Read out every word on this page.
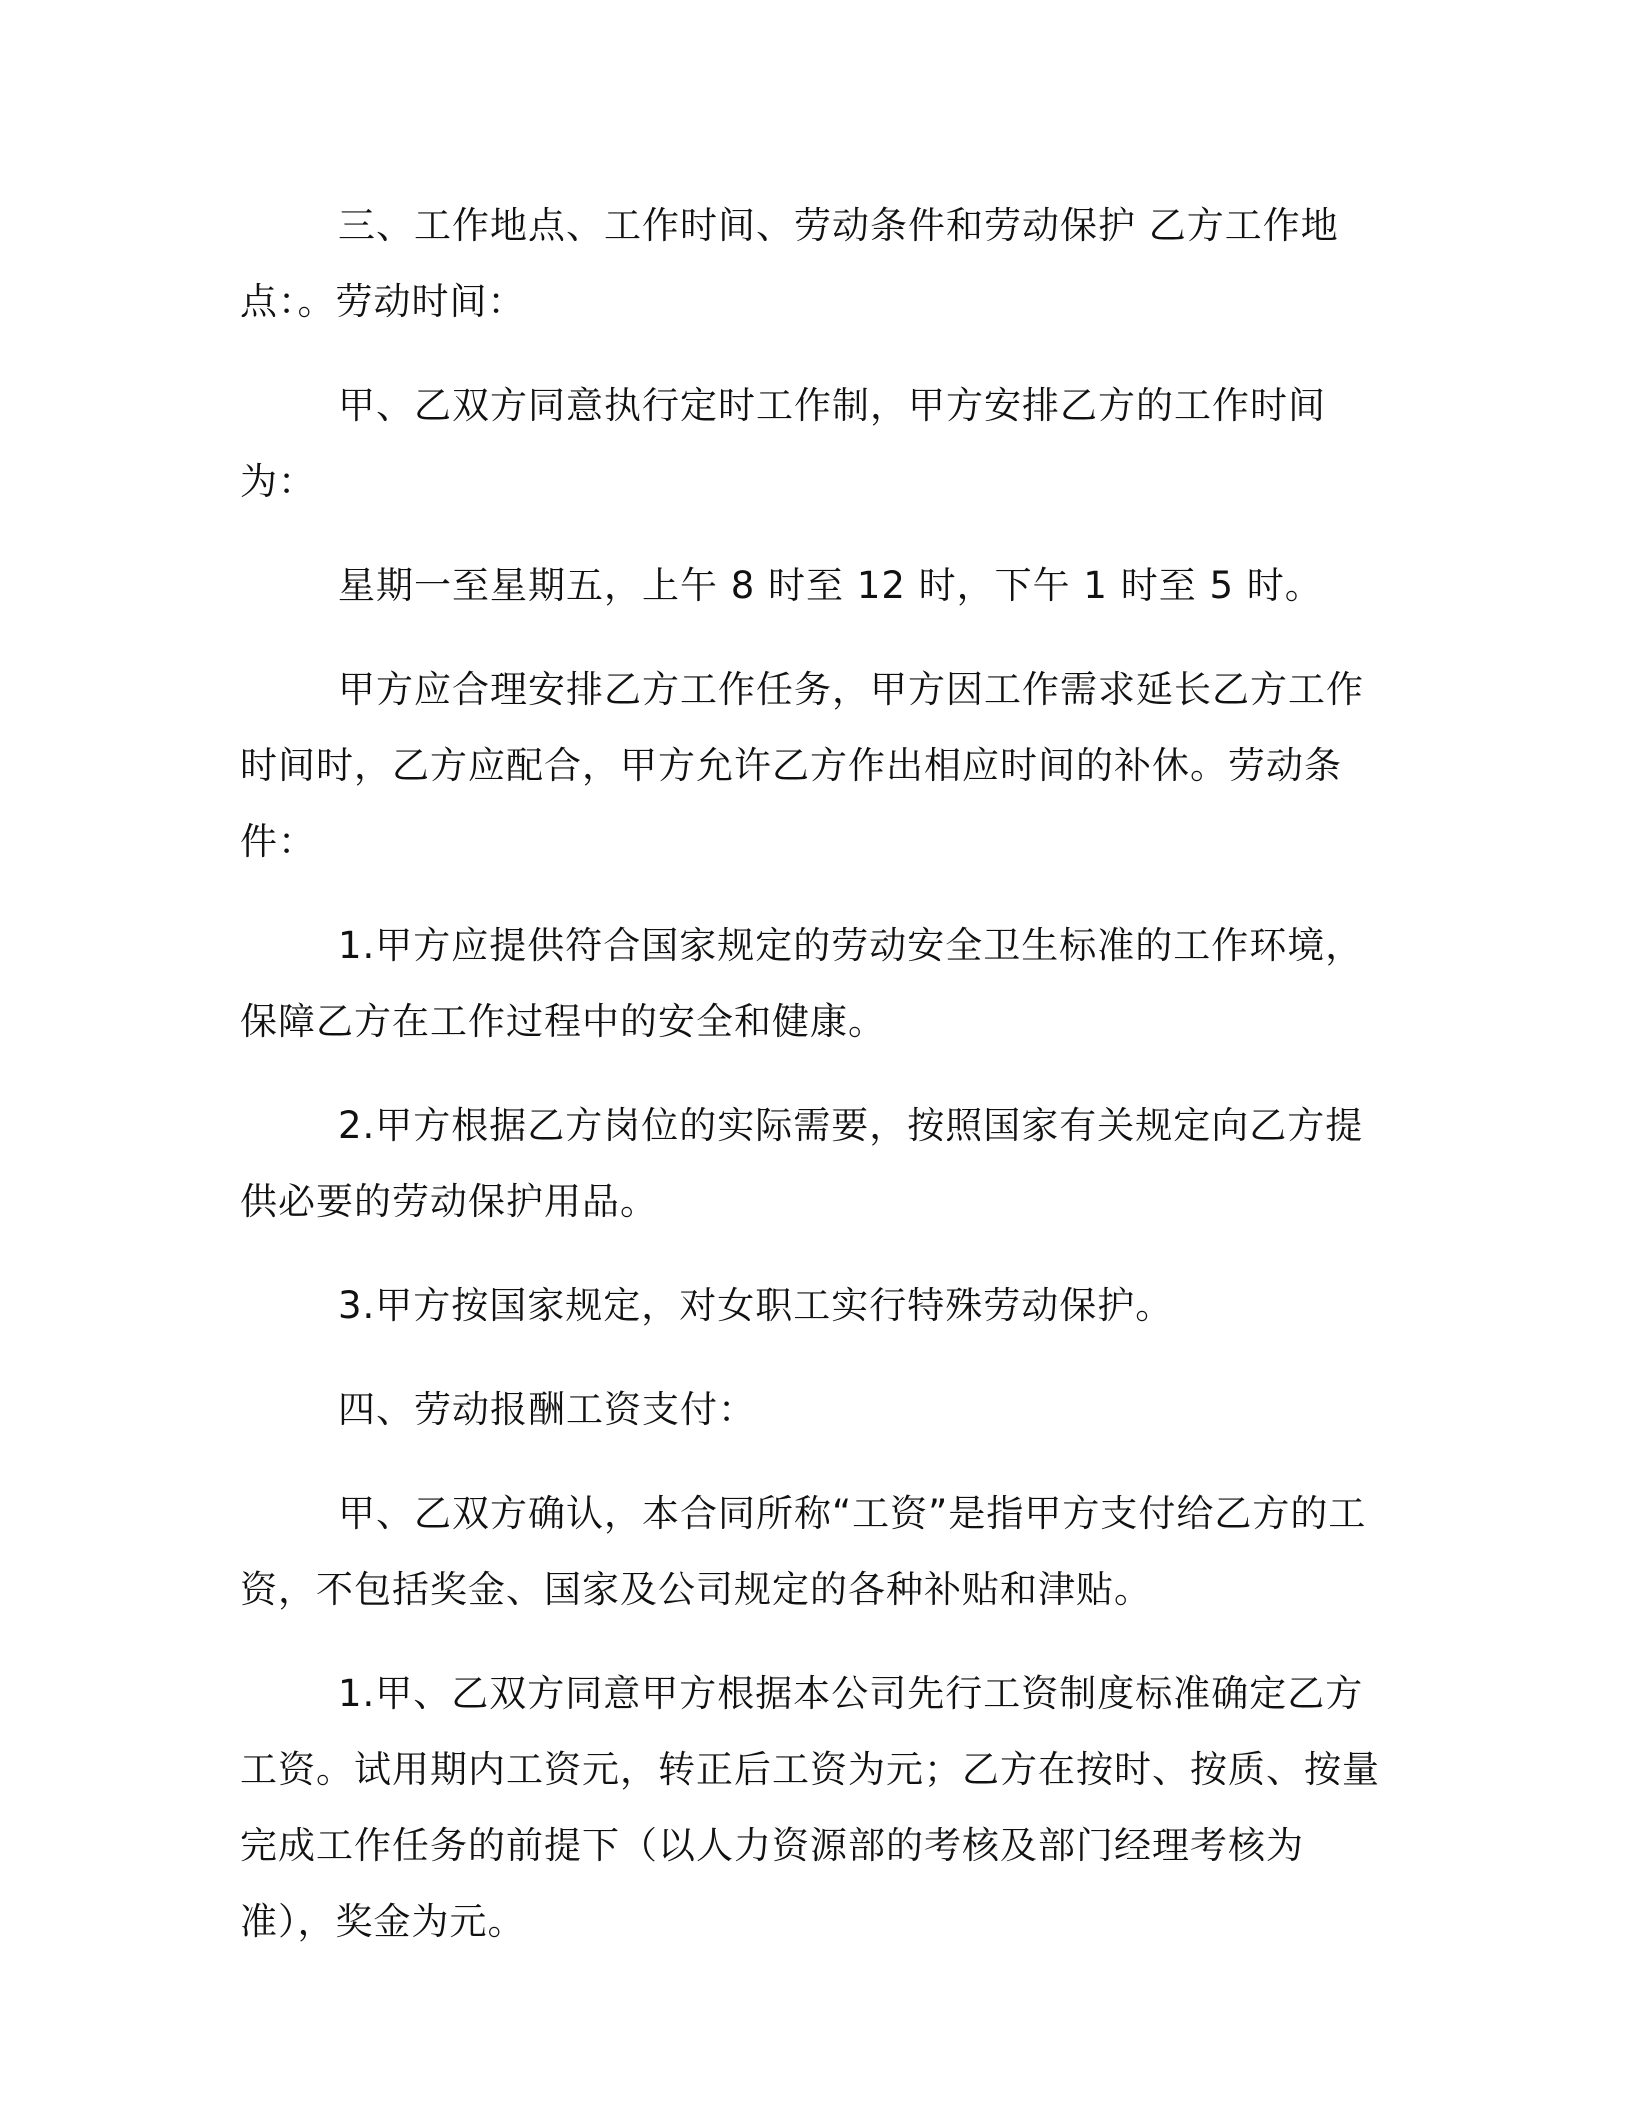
三、工作地点、工作时间、劳动条件和劳动保护 乙方工作地点：。劳动时间：

甲、乙双方同意执行定时工作制，甲方安排乙方的工作时间为：

星期一至星期五，上午 8 时至 12 时，下午 1 时至 5 时。

甲方应合理安排乙方工作任务，甲方因工作需求延长乙方工作时间时，乙方应配合，甲方允许乙方作出相应时间的补休。劳动条件：

1.甲方应提供符合国家规定的劳动安全卫生标准的工作环境，保障乙方在工作过程中的安全和健康。

2.甲方根据乙方岗位的实际需要，按照国家有关规定向乙方提供必要的劳动保护用品。

3.甲方按国家规定，对女职工实行特殊劳动保护。

四、劳动报酬工资支付：

甲、乙双方确认，本合同所称“工资”是指甲方支付给乙方的工资，不包括奖金、国家及公司规定的各种补贴和津贴。

1.甲、乙双方同意甲方根据本公司先行工资制度标准确定乙方工资。试用期内工资元，转正后工资为元；乙方在按时、按质、按量完成工作任务的前提下（以人力资源部的考核及部门经理考核为准），奖金为元。
